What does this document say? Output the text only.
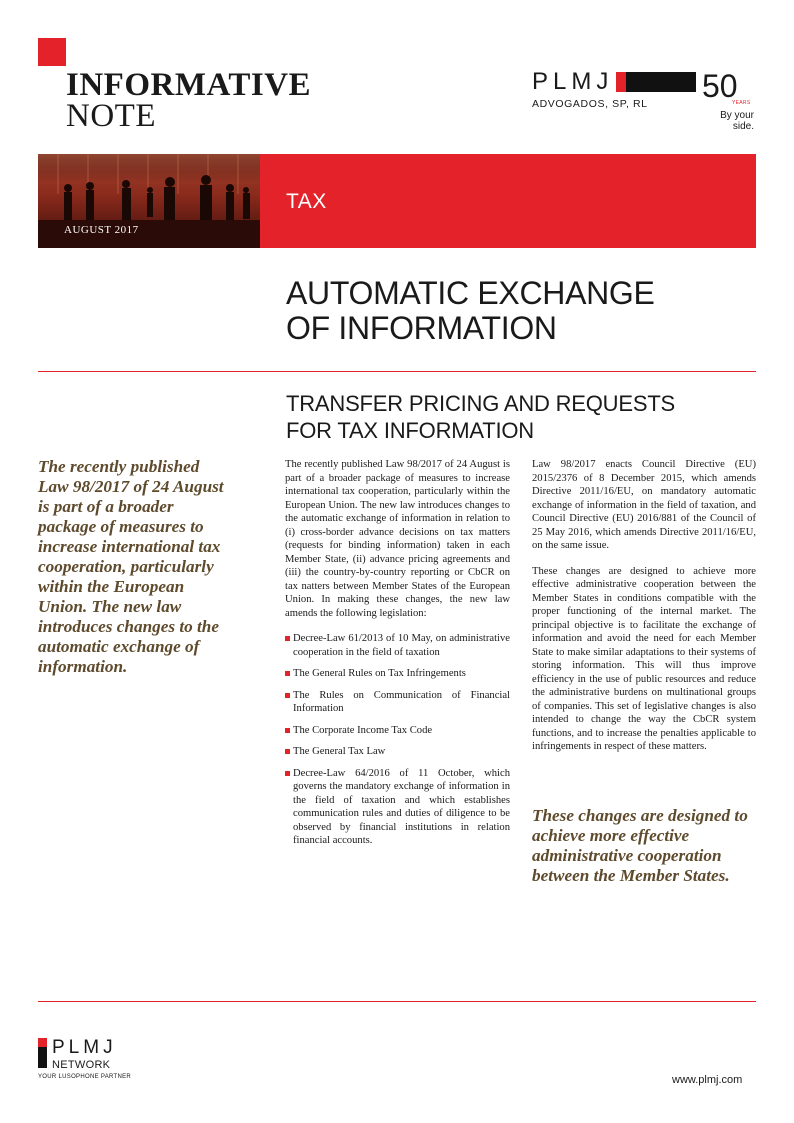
INFORMATIVE
NOTE
PLMJ
ADVOGADOS, SP, RL 50
YEARS
By your
side.
TAX
AUGUST 2017
AUTOMATIC EXCHANGE
OF INFORMATION
TRANSFER PRICING AND REQUESTS
FOR TAX INFORMATION
The recently published Law 98/2017 of 24 August is part of a broader package of measures to increase international tax cooperation, particularly within the European Union. The new law introduces changes to the automatic exchange of information.
These changes are designed to achieve more effective administrative cooperation between the Member States.

The recently published Law 98/2017 of 24 August is part of a broader package of measures to increase international tax cooperation, particularly within the European Union. The new law introduces changes to the automatic exchange of information in relation to (i) cross-border advance decisions on tax matters (requests for binding information) taken in each Member State, (ii) advance pricing agreements and (iii) the country-by-country reporting or CbCR on tax natters between Member States of the European Union. In making these changes, the new law amends the following legislation:

Decree-Law 61/2013 of 10 May, on administrative cooperation in the field of taxation
The General Rules on Tax Infringements
The Rules on Communication of Financial Information
The Corporate Income Tax Code
The General Tax Law
Decree-Law 64/2016 of 11 October, which governs the mandatory exchange of information in the field of taxation and which establishes communication rules and duties of diligence to be observed by financial institutions in relation financial accounts.

Law 98/2017 enacts Council Directive (EU) 2015/2376 of 8 December 2015, which amends Directive 2011/16/EU, on mandatory automatic exchange of information in the field of taxation, and Council Directive (EU) 2016/881 of the Council of 25 May 2016, which amends Directive 2011/16/EU, on the same issue.

These changes are designed to achieve more effective administrative cooperation between the Member States in conditions compatible with the proper functioning of the internal market. The principal objective is to facilitate the exchange of information and avoid the need for each Member State to make similar adaptations to their systems of storing information. This will thus improve efficiency in the use of public resources and reduce the administrative burdens on multinational groups of companies. This set of legislative changes is also intended to change the way the CbCR system functions, and to increase the penalties applicable to infringements in respect of these matters.

PLMJ
NETWORK
YOUR LUSOPHONE PARTNER	www.plmj.com
